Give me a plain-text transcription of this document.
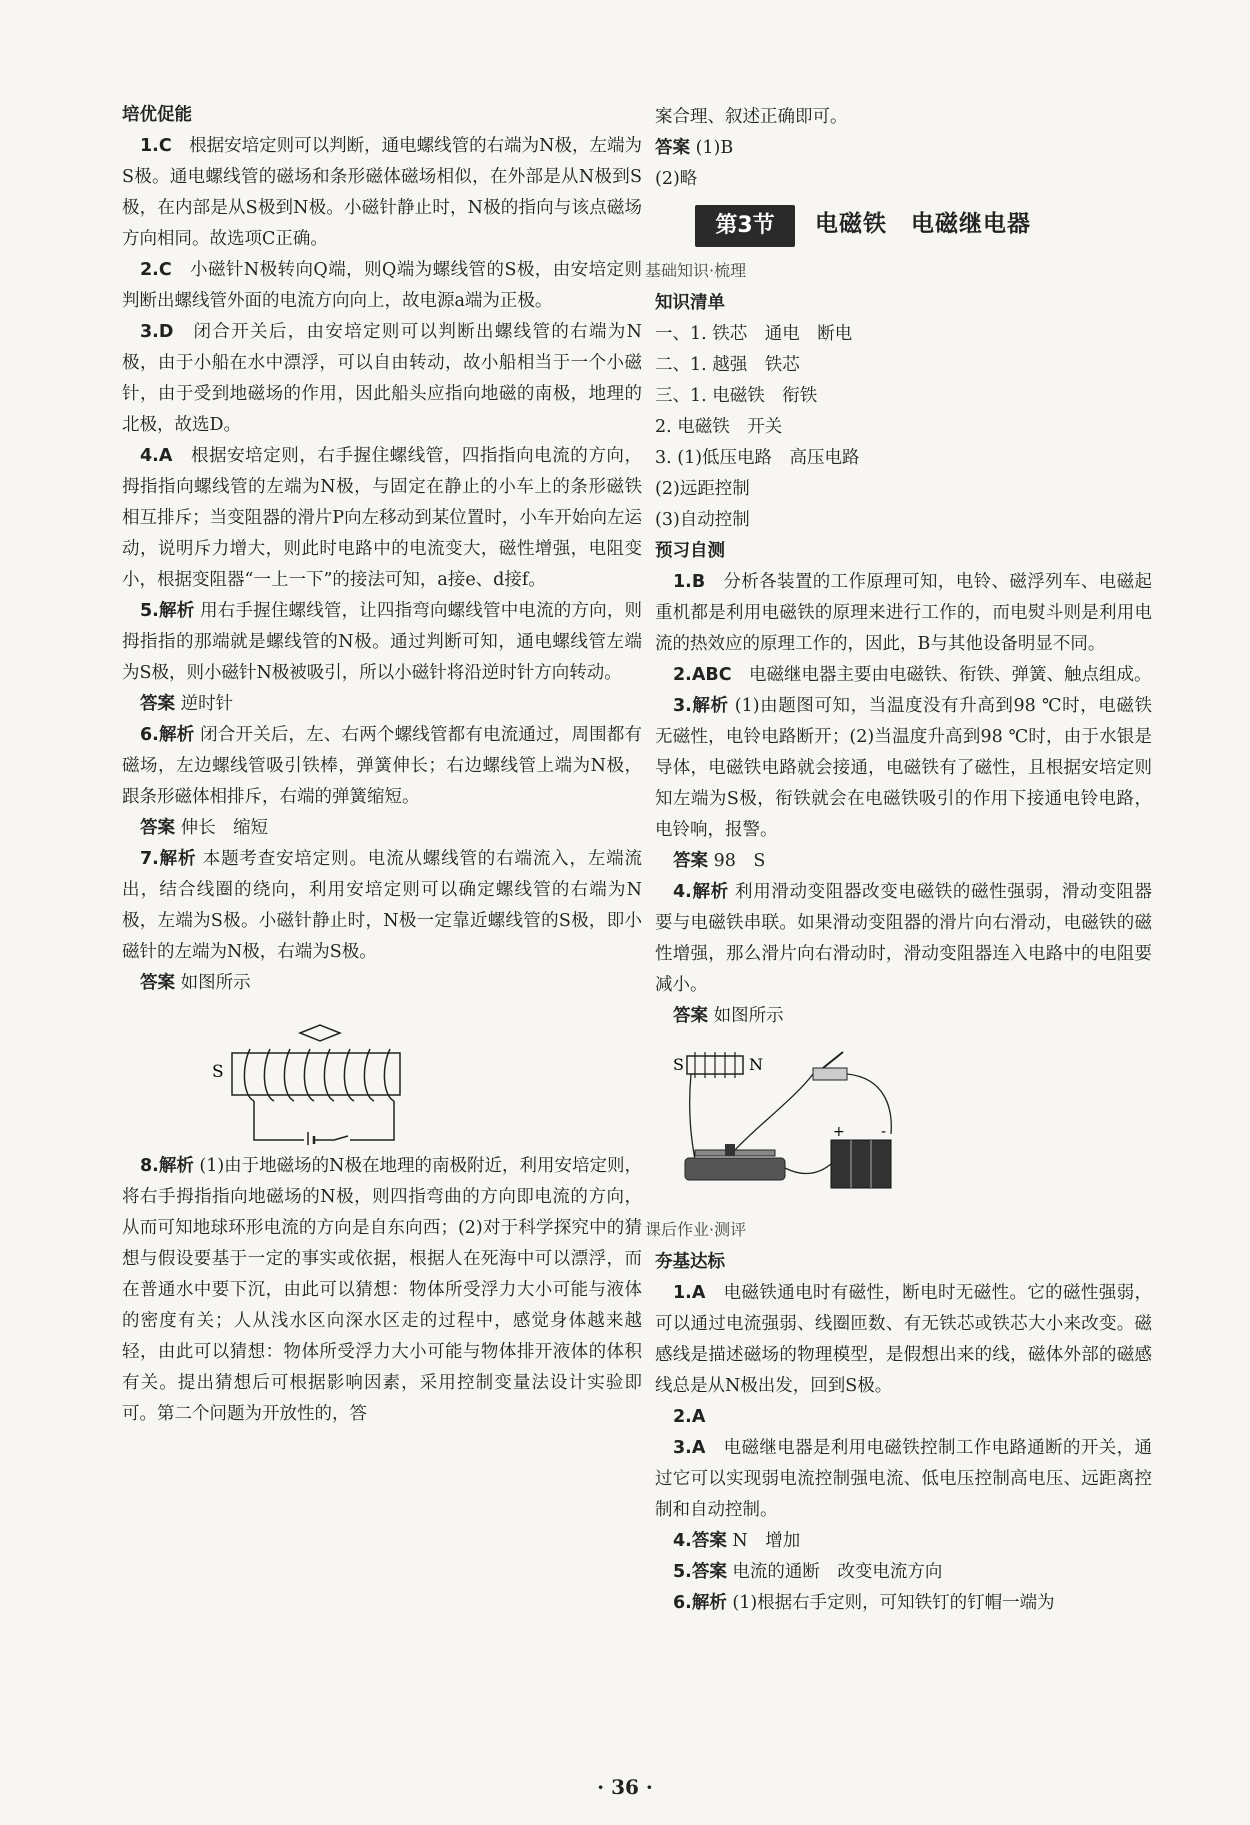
培优促能

1.C　根据安培定则可以判断，通电螺线管的右端为N极，左端为S极。通电螺线管的磁场和条形磁体磁场相似，在外部是从N极到S极，在内部是从S极到N极。小磁针静止时，N极的指向与该点磁场方向相同。故选项C正确。

2.C　小磁针N极转向Q端，则Q端为螺线管的S极，由安培定则判断出螺线管外面的电流方向向上，故电源a端为正极。

3.D　闭合开关后，由安培定则可以判断出螺线管的右端为N极，由于小船在水中漂浮，可以自由转动，故小船相当于一个小磁针，由于受到地磁场的作用，因此船头应指向地磁的南极，地理的北极，故选D。

4.A　根据安培定则，右手握住螺线管，四指指向电流的方向，拇指指向螺线管的左端为N极，与固定在静止的小车上的条形磁铁相互排斥；当变阻器的滑片P向左移动到某位置时，小车开始向左运动，说明斥力增大，则此时电路中的电流变大，磁性增强，电阻变小，根据变阻器“一上一下”的接法可知，a接e、d接f。

5.解析 用右手握住螺线管，让四指弯向螺线管中电流的方向，则拇指指的那端就是螺线管的N极。通过判断可知，通电螺线管左端为S极，则小磁针N极被吸引，所以小磁针将沿逆时针方向转动。

答案 逆时针

6.解析 闭合开关后，左、右两个螺线管都有电流通过，周围都有磁场，左边螺线管吸引铁棒，弹簧伸长；右边螺线管上端为N极，跟条形磁体相排斥，右端的弹簧缩短。

答案 伸长　缩短

7.解析 本题考查安培定则。电流从螺线管的右端流入，左端流出，结合线圈的绕向，利用安培定则可以确定螺线管的右端为N极，左端为S极。小磁针静止时，N极一定靠近螺线管的S极，即小磁针的左端为N极，右端为S极。

答案 如图所示

S

8.解析 (1)由于地磁场的N极在地理的南极附近，利用安培定则，将右手拇指指向地磁场的N极，则四指弯曲的方向即电流的方向，从而可知地球环形电流的方向是自东向西；(2)对于科学探究中的猜想与假设要基于一定的事实或依据，根据人在死海中可以漂浮，而在普通水中要下沉，由此可以猜想：物体所受浮力大小可能与液体的密度有关；人从浅水区向深水区走的过程中，感觉身体越来越轻，由此可以猜想：物体所受浮力大小可能与物体排开液体的体积有关。提出猜想后可根据影响因素，采用控制变量法设计实验即可。第二个问题为开放性的，答

案合理、叙述正确即可。

答案 (1)B

(2)略

第3节	电磁铁　电磁继电器
基础知识·梳理

知识清单

一、1. 铁芯　通电　断电

二、1. 越强　铁芯

三、1. 电磁铁　衔铁

2. 电磁铁　开关

3. (1)低压电路　高压电路

(2)远距控制

(3)自动控制

预习自测

1.B　分析各装置的工作原理可知，电铃、磁浮列车、电磁起重机都是利用电磁铁的原理来进行工作的，而电熨斗则是利用电流的热效应的原理工作的，因此，B与其他设备明显不同。

2.ABC　电磁继电器主要由电磁铁、衔铁、弹簧、触点组成。

3.解析 (1)由题图可知，当温度没有升高到98 ℃时，电磁铁无磁性，电铃电路断开；(2)当温度升高到98 ℃时，由于水银是导体，电磁铁电路就会接通，电磁铁有了磁性，且根据安培定则知左端为S极，衔铁就会在电磁铁吸引的作用下接通电铃电路，电铃响，报警。

答案 98　S

4.解析 利用滑动变阻器改变电磁铁的磁性强弱，滑动变阻器要与电磁铁串联。如果滑动变阻器的滑片向右滑动，电磁铁的磁性增强，那么滑片向右滑动时，滑动变阻器连入电路中的电阻要减小。

答案 如图所示

S	N
+	-
课后作业·测评

夯基达标

1.A　电磁铁通电时有磁性，断电时无磁性。它的磁性强弱，可以通过电流强弱、线圈匝数、有无铁芯或铁芯大小来改变。磁感线是描述磁场的物理模型，是假想出来的线，磁体外部的磁感线总是从N极出发，回到S极。

2.A

3.A　电磁继电器是利用电磁铁控制工作电路通断的开关，通过它可以实现弱电流控制强电流、低电压控制高电压、远距离控制和自动控制。

4.答案 N　增加

5.答案 电流的通断　改变电流方向

6.解析 (1)根据右手定则，可知铁钉的钉帽一端为

· 36 ·
